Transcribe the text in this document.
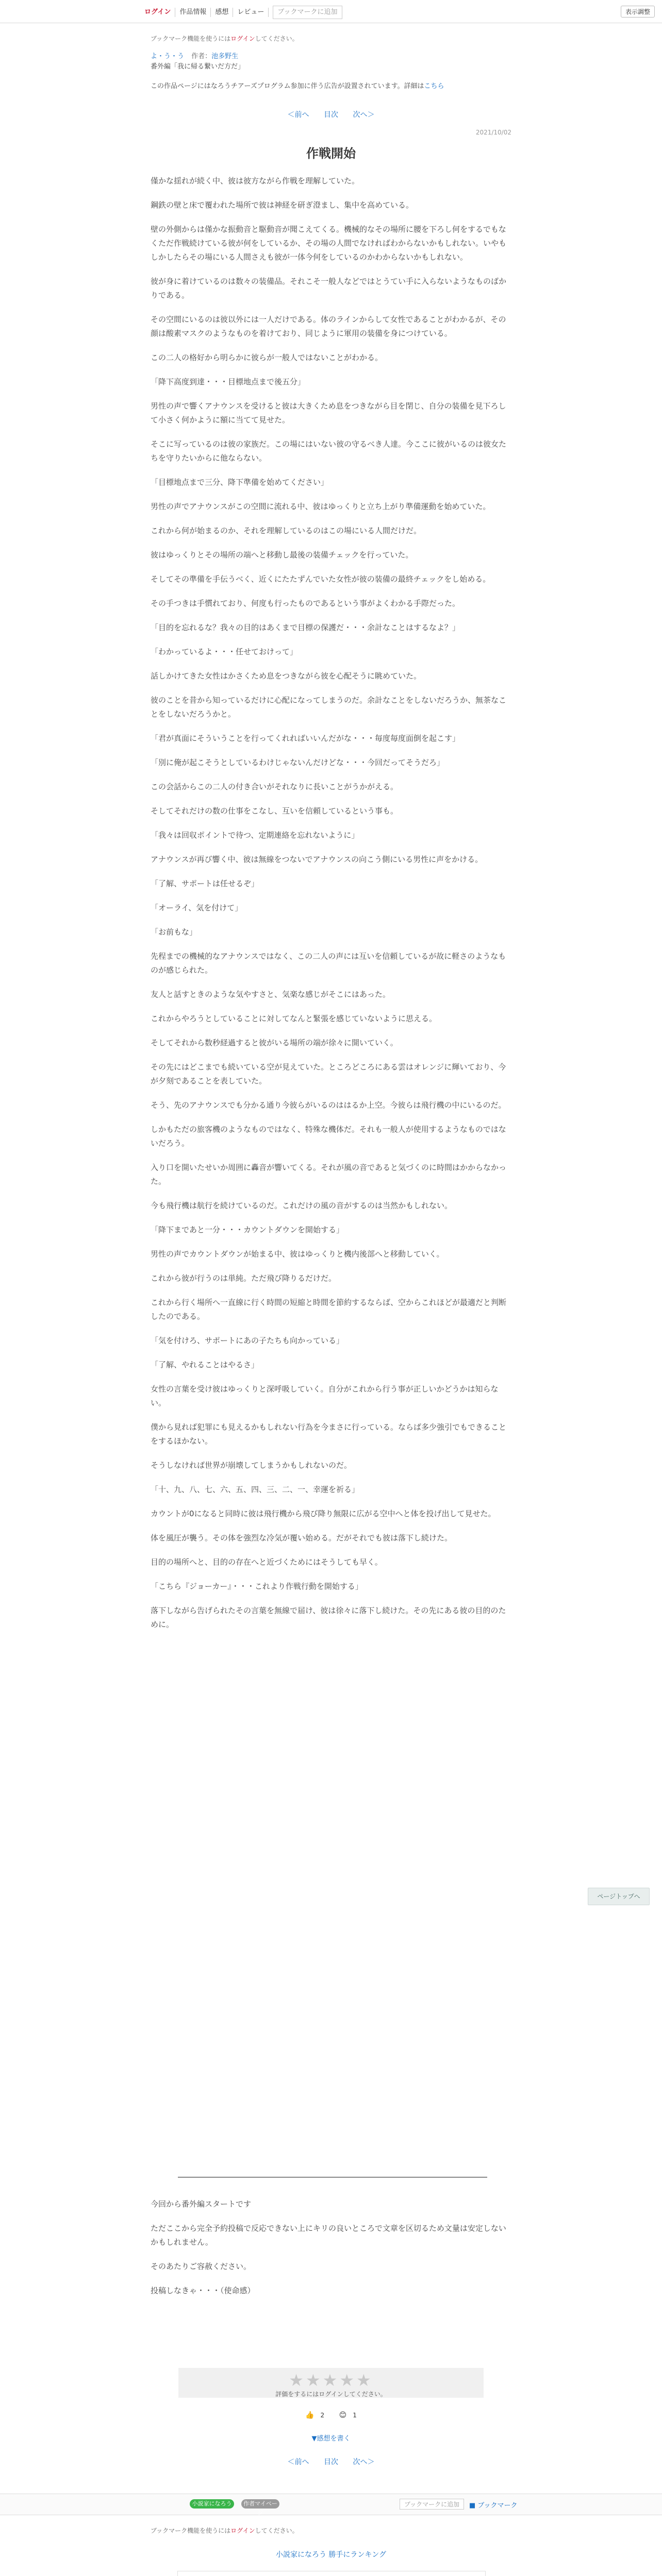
ログイン	作品情報	感想	レビュー	ブックマークに追加	表示調整
ブックマーク機能を使うにはログインしてください。
よ・う・う 作者：池多野生
番外編「我に帰る繋いだ方だ」
この作品ページにはなろうチアーズプログラム参加に伴う広告が設置されています。詳細はこちら
＜前へ 目次 次へ＞
2021/10/02
作戦開始

僅かな揺れが続く中、彼は彼方ながら作戦を理解していた。

鋼鉄の壁と床で覆われた場所で彼は神経を研ぎ澄まし、集中を高めている。

壁の外側からは僅かな振動音と駆動音が聞こえてくる。機械的なその場所に腰を下ろし何をするでもなくただ作戦続けている彼が何をしているか、その場の人間でなければわからないかもしれない。いやもしかしたらその場にいる人間さえも彼が一体今何をしているのかわからないかもしれない。

彼が身に着けているのは数々の装備品。それこそ一般人などではとうてい手に入らないようなものばかりである。

その空間にいるのは彼以外には一人だけである。体のラインからして女性であることがわかるが、その顔は酸素マスクのようなものを着けており、同じように軍用の装備を身につけている。

この二人の格好から明らかに彼らが一般人ではないことがわかる。

「降下高度到達・・・目標地点まで後五分」

男性の声で響くアナウンスを受けると彼は大きくため息をつきながら目を閉じ、自分の装備を見下ろして小さく何かように額に当てて見せた。

そこに写っているのは彼の家族だ。この場にはいない彼の守るべき人達。今ここに彼がいるのは彼女たちを守りたいからに他ならない。

「目標地点まで三分、降下準備を始めてください」

男性の声でアナウンスがこの空間に流れる中、彼はゆっくりと立ち上がり準備運動を始めていた。

これから何が始まるのか、それを理解しているのはこの場にいる人間だけだ。

彼はゆっくりとその場所の端へと移動し最後の装備チェックを行っていた。

そしてその準備を手伝うべく、近くにたたずんでいた女性が彼の装備の最終チェックをし始める。

その手つきは手慣れており、何度も行ったものであるという事がよくわかる手際だった。

「目的を忘れるな？我々の目的はあくまで目標の保護だ・・・余計なことはするなよ？」

「わかっているよ・・・任せておけって」

話しかけてきた女性はかさくため息をつきながら彼を心配そうに眺めていた。

彼のことを昔から知っているだけに心配になってしまうのだ。余計なことをしないだろうか、無茶なことをしないだろうかと。

「君が真面にそういうことを行ってくれればいいんだがな・・・毎度毎度面倒を起こす」

「別に俺が起こそうとしているわけじゃないんだけどな・・・今回だってそうだろ」

この会話からこの二人の付き合いがそれなりに長いことがうかがえる。

そしてそれだけの数の仕事をこなし、互いを信頼しているという事も。

「我々は回収ポイントで待つ、定期連絡を忘れないように」

アナウンスが再び響く中、彼は無線をつないでアナウンスの向こう側にいる男性に声をかける。

「了解、サポートは任せるぞ」

「オーライ、気を付けて」

「お前もな」

先程までの機械的なアナウンスではなく、この二人の声には互いを信頼しているが故に軽さのようなものが感じられた。

友人と話すときのような気やすさと、気楽な感じがそこにはあった。

これからやろうとしていることに対してなんと緊張を感じていないように思える。

そしてそれから数秒経過すると彼がいる場所の端が徐々に開いていく。

その先にはどこまでも続いている空が見えていた。ところどころにある雲はオレンジに輝いており、今が夕刻であることを表していた。

そう、先のアナウンスでも分かる通り今彼らがいるのははるか上空。今彼らは飛行機の中にいるのだ。

しかもただの旅客機のようなものではなく、特殊な機体だ。それも一般人が使用するようなものではないだろう。

入り口を開いたせいか周囲に轟音が響いてくる。それが風の音であると気づくのに時間はかからなかった。

今も飛行機は航行を続けているのだ。これだけの風の音がするのは当然かもしれない。

「降下まであと一分・・・カウントダウンを開始する」

男性の声でカウントダウンが始まる中、彼はゆっくりと機内後部へと移動していく。

これから彼が行うのは単純。ただ飛び降りるだけだ。

これから行く場所へ一直線に行く時間の短縮と時間を節約するならば、空からこれほどが最適だと判断したのである。

「気を付けろ、サポートにあの子たちも向かっている」

「了解、やれることはやるさ」

女性の言葉を受け彼はゆっくりと深呼吸していく。自分がこれから行う事が正しいかどうかは知らない。

僕から見れば犯罪にも見えるかもしれない行為を今まさに行っている。ならば多少強引でもできることをするほかない。

そうしなければ世界が崩壊してしまうかもしれないのだ。

「十、九、八、七、六、五、四、三、二、一、幸運を祈る」

カウントが0になると同時に彼は飛行機から飛び降り無限に広がる空中へと体を投げ出して見せた。

体を風圧が襲う。その体を強烈な冷気が覆い始める。だがそれでも彼は落下し続けた。

目的の場所へと、目的の存在へと近づくためにはそうしても早く。

「こちら『ジョーカー』・・・これより作戦行動を開始する」

落下しながら告げられたその言葉を無線で届け、彼は徐々に落下し続けた。その先にある彼の目的のために。

今回から番外編スタートです

ただここから完全予約投稿で反応できない上にキリの良いところで文章を区切るため文量は安定しないかもしれません。

そのあたりご容赦ください。

投稿しなきゃ・・・（使命感）

★★★★★
評価をするにはログインしてください。
👍 2 😊 1
▼感想を書く
＜前へ 目次 次へ＞
小説家になろう	作者マイページ
ブックマークに追加	■ ブックマーク
ブックマーク機能を使うにはログインしてください。
小説家になろう 勝手にランキング
ページトップへ
